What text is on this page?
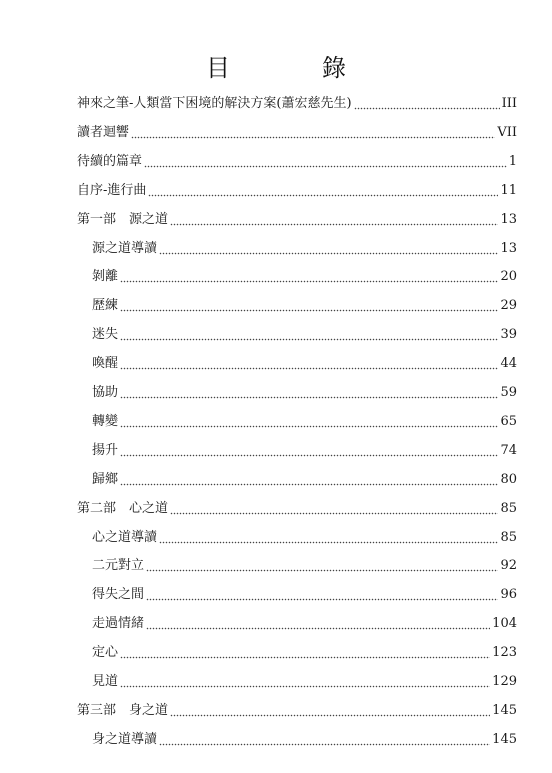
目　錄
神來之筆-人類當下困境的解決方案(蕭宏慈先生)	III
讀者迴響	VII
待續的篇章	1
自序-進行曲	11
第一部　源之道	13
源之道導讀	13
剝離	20
歷練	29
迷失	39
喚醒	44
協助	59
轉變	65
揚升	74
歸鄉	80
第二部　心之道	85
心之道導讀	85
二元對立	92
得失之間	96
走過情緒	104
定心	123
見道	129
第三部　身之道	145
身之道導讀	145
